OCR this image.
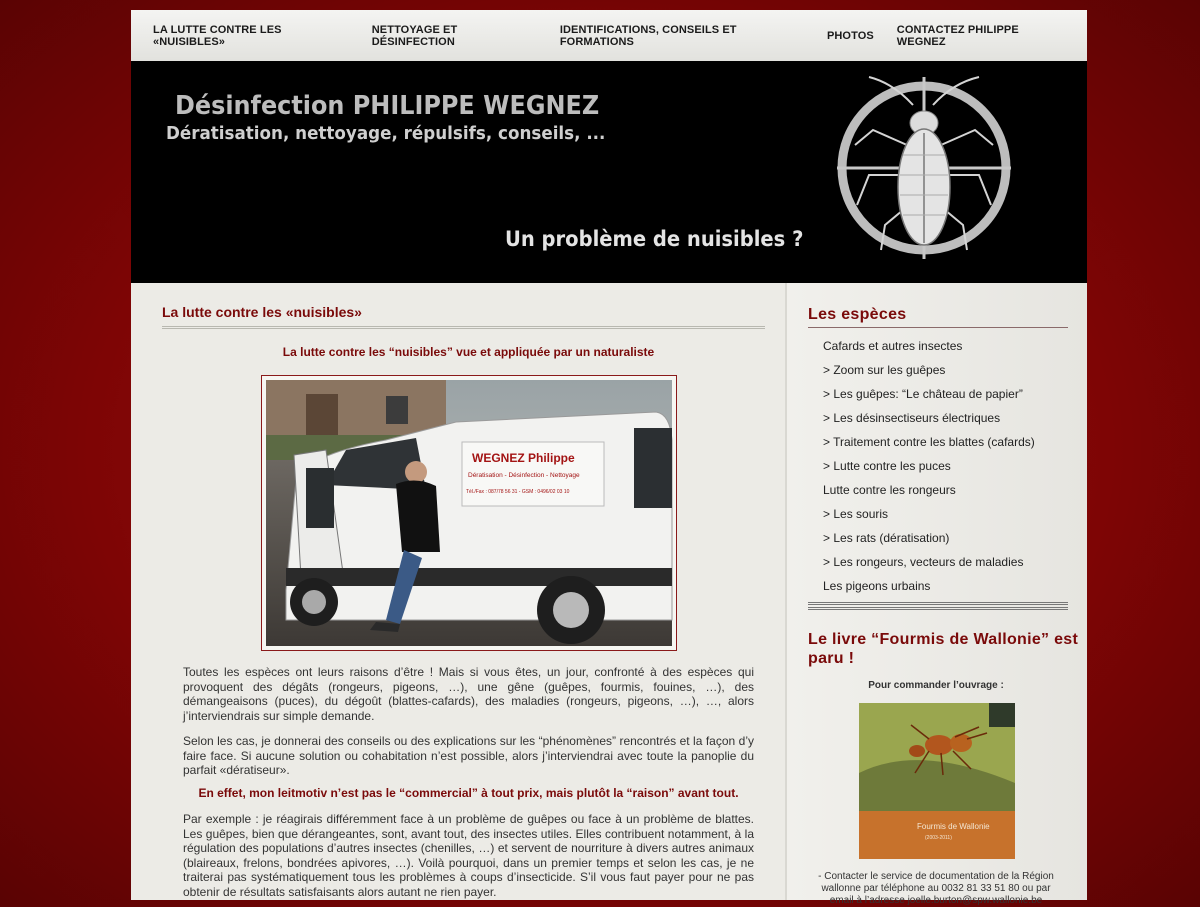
LA LUTTE CONTRE LES «NUISIBLES»
NETTOYAGE ET DÉSINFECTION
IDENTIFICATIONS, CONSEILS ET FORMATIONS	PHOTOS CONTACTEZ PHILIPPE WEGNEZ
Désinfection PHILIPPE WEGNEZ
Dératisation, nettoyage, répulsifs, conseils, ...
Un problème de nuisibles ?
La lutte contre les «nuisibles»
La lutte contre les “nuisibles” vue et appliquée par un naturaliste
WEGNEZ Philippe
Dératisation - Désinfection - Nettoyage
Tél./Fax : 087/78 56 31 - GSM : 0496/02 03 10

Toutes les espèces ont leurs raisons d’être ! Mais si vous êtes, un jour, confronté à des espèces qui provoquent des dégâts (rongeurs, pigeons, …), une gêne (guêpes, fourmis, fouines, …), des démangeaisons (puces), du dégoût (blattes-cafards), des maladies (rongeurs, pigeons, …), …, alors j’interviendrais sur simple demande.

Selon les cas, je donnerai des conseils ou des explications sur les “phénomènes” rencontrés et la façon d’y faire face. Si aucune solution ou cohabitation n’est possible, alors j’interviendrai avec toute la panoplie du parfait «dératiseur».

En effet, mon leitmotiv n’est pas le “commercial” à tout prix, mais plutôt la “raison” avant tout.

Par exemple : je réagirais différemment face à un problème de guêpes ou face à un problème de blattes. Les guêpes, bien que dérangeantes, sont, avant tout, des insectes utiles. Elles contribuent notamment, à la régulation des populations d’autres insectes (chenilles, …) et servent de nourriture à divers autres animaux (blaireaux, frelons, bondrées apivores, …). Voilà pourquoi, dans un premier temps et selon les cas, je ne traiterai pas systématiquement tous les problèmes à coups d’insecticide. S’il vous faut payer pour ne pas obtenir de résultats satisfaisants alors autant ne rien payer.

Les espèces
Cafards et autres insectes
> Zoom sur les guêpes
> Les guêpes: “Le château de papier”
> Les désinsectiseurs électriques
> Traitement contre les blattes (cafards)
> Lutte contre les puces
Lutte contre les rongeurs
> Les souris
> Les rats (dératisation)
> Les rongeurs, vecteurs de maladies
Les pigeons urbains
Le livre “Fourmis de Wallonie” est paru !
Pour commander l’ouvrage :
Fourmis de Wallonie
(2003-2011)
- Contacter le service de documentation de la Région wallonne par téléphone au 0032 81 33 51 80 ou par email à l’adresse joelle.burton@spw.wallonie.be
